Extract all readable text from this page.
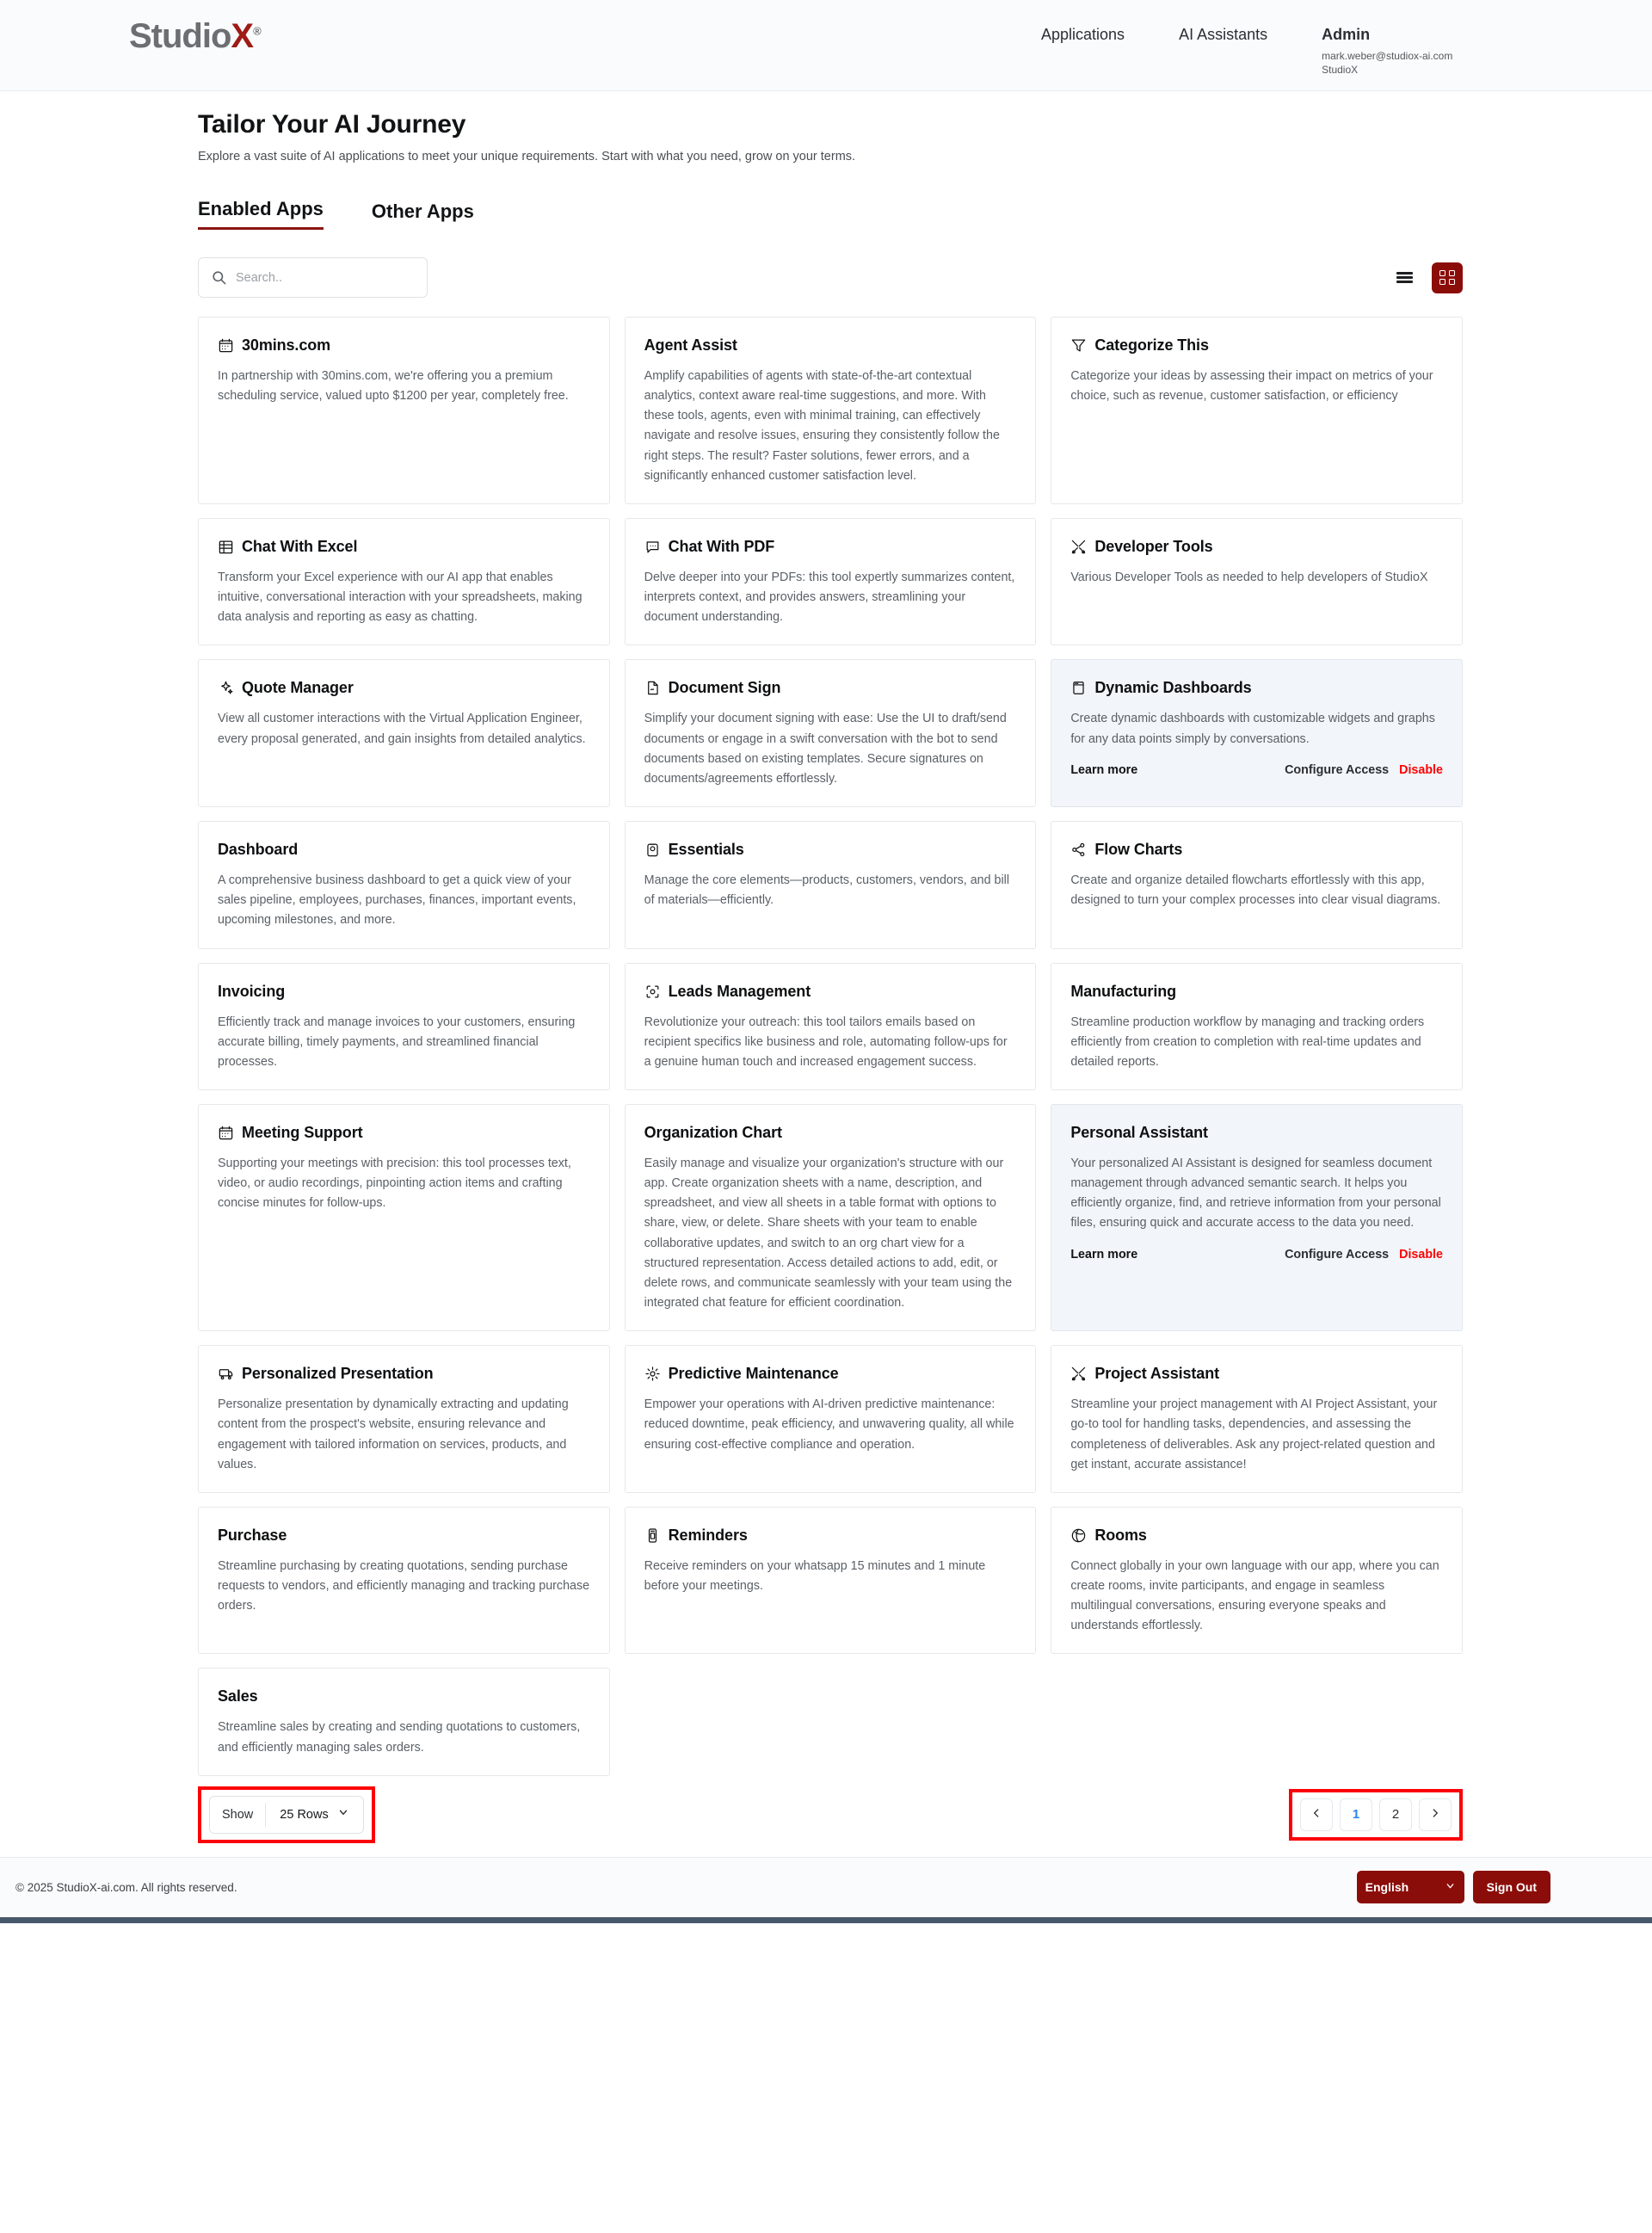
StudioX®	Applications	AI Assistants	Admin
mark.weber@studiox-ai.com
StudioX
Tailor Your AI Journey
Explore a vast suite of AI applications to meet your unique requirements. Start with what you need, grow on your terms.
Enabled Apps	Other Apps
Search..
30mins.com
In partnership with 30mins.com, we're offering you a premium scheduling service, valued upto $1200 per year, completely free.
Agent Assist
Amplify capabilities of agents with state-of-the-art contextual analytics, context aware real-time suggestions, and more. With these tools, agents, even with minimal training, can effectively navigate and resolve issues, ensuring they consistently follow the right steps. The result? Faster solutions, fewer errors, and a significantly enhanced customer satisfaction level.
Categorize This
Categorize your ideas by assessing their impact on metrics of your choice, such as revenue, customer satisfaction, or efficiency
Chat With Excel
Transform your Excel experience with our AI app that enables intuitive, conversational interaction with your spreadsheets, making data analysis and reporting as easy as chatting.
Chat With PDF
Delve deeper into your PDFs: this tool expertly summarizes content, interprets context, and provides answers, streamlining your document understanding.
Developer Tools
Various Developer Tools as needed to help developers of StudioX
Quote Manager
View all customer interactions with the Virtual Application Engineer, every proposal generated, and gain insights from detailed analytics.
Document Sign
Simplify your document signing with ease: Use the UI to draft/send documents or engage in a swift conversation with the bot to send documents based on existing templates. Secure signatures on documents/agreements effortlessly.
Dynamic Dashboards
Create dynamic dashboards with customizable widgets and graphs for any data points simply by conversations.
Learn more	Configure Access Disable
Dashboard
A comprehensive business dashboard to get a quick view of your sales pipeline, employees, purchases, finances, important events, upcoming milestones, and more.
Essentials
Manage the core elements—products, customers, vendors, and bill of materials—efficiently.
Flow Charts
Create and organize detailed flowcharts effortlessly with this app, designed to turn your complex processes into clear visual diagrams.
Invoicing
Efficiently track and manage invoices to your customers, ensuring accurate billing, timely payments, and streamlined financial processes.
Leads Management
Revolutionize your outreach: this tool tailors emails based on recipient specifics like business and role, automating follow-ups for a genuine human touch and increased engagement success.
Manufacturing
Streamline production workflow by managing and tracking orders efficiently from creation to completion with real-time updates and detailed reports.
Meeting Support
Supporting your meetings with precision: this tool processes text, video, or audio recordings, pinpointing action items and crafting concise minutes for follow-ups.
Organization Chart
Easily manage and visualize your organization's structure with our app. Create organization sheets with a name, description, and spreadsheet, and view all sheets in a table format with options to share, view, or delete. Share sheets with your team to enable collaborative updates, and switch to an org chart view for a structured representation. Access detailed actions to add, edit, or delete rows, and communicate seamlessly with your team using the integrated chat feature for efficient coordination.
Personal Assistant
Your personalized AI Assistant is designed for seamless document management through advanced semantic search. It helps you efficiently organize, find, and retrieve information from your personal files, ensuring quick and accurate access to the data you need.
Learn more	Configure Access Disable
Personalized Presentation
Personalize presentation by dynamically extracting and updating content from the prospect's website, ensuring relevance and engagement with tailored information on services, products, and values.
Predictive Maintenance
Empower your operations with AI-driven predictive maintenance: reduced downtime, peak efficiency, and unwavering quality, all while ensuring cost-effective compliance and operation.
Project Assistant
Streamline your project management with AI Project Assistant, your go-to tool for handling tasks, dependencies, and assessing the completeness of deliverables. Ask any project-related question and get instant, accurate assistance!
Purchase
Streamline purchasing by creating quotations, sending purchase requests to vendors, and efficiently managing and tracking purchase orders.
Reminders
Receive reminders on your whatsapp 15 minutes and 1 minute before your meetings.
Rooms
Connect globally in your own language with our app, where you can create rooms, invite participants, and engage in seamless multilingual conversations, ensuring everyone speaks and understands effortlessly.
Sales
Streamline sales by creating and sending quotations to customers, and efficiently managing sales orders.
Show	25 Rows	1	2
© 2025 StudioX-ai.com. All rights reserved.	English	Sign Out
